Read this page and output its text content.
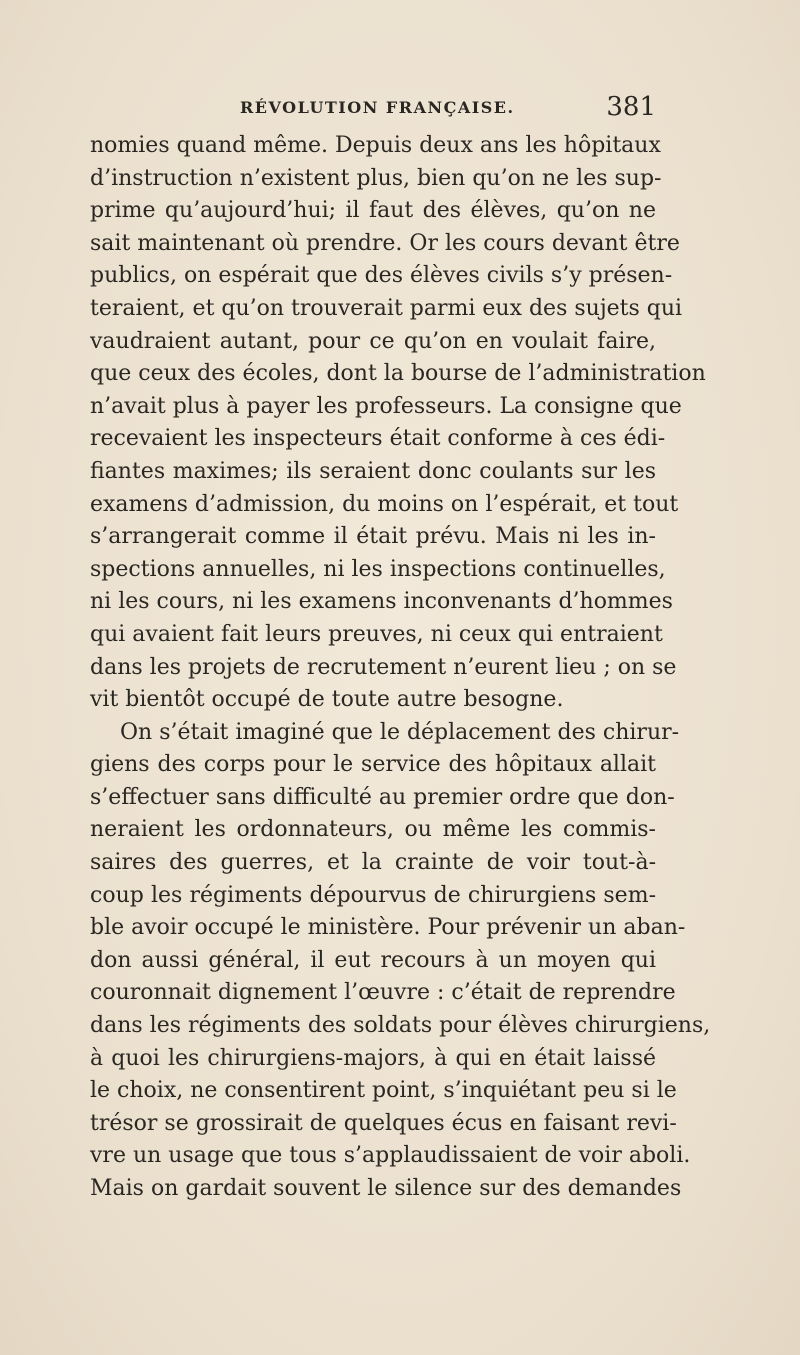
RÉVOLUTION FRANÇAISE.	381

nomies quand même. Depuis deux ans les hôpitaux
d’instruction n’existent plus, bien qu’on ne les sup-
prime qu’aujourd’hui; il faut des élèves, qu’on ne
sait maintenant où prendre. Or les cours devant être
publics, on espérait que des élèves civils s’y présen-
teraient, et qu’on trouverait parmi eux des sujets qui
vaudraient autant, pour ce qu’on en voulait faire,
que ceux des écoles, dont la bourse de l’administration
n’avait plus à payer les professeurs. La consigne que
recevaient les inspecteurs était conforme à ces édi-
fiantes maximes; ils seraient donc coulants sur les
examens d’admission, du moins on l’espérait, et tout
s’arrangerait comme il était prévu. Mais ni les in-
spections annuelles, ni les inspections continuelles,
ni les cours, ni les examens inconvenants d’hommes
qui avaient fait leurs preuves, ni ceux qui entraient
dans les projets de recrutement n’eurent lieu ; on se
vit bientôt occupé de toute autre besogne.

On s’était imaginé que le déplacement des chirur-
giens des corps pour le service des hôpitaux allait
s’effectuer sans difficulté au premier ordre que don-
neraient les ordonnateurs, ou même les commis-
saires des guerres, et la crainte de voir tout-à-
coup les régiments dépourvus de chirurgiens sem-
ble avoir occupé le ministère. Pour prévenir un aban-
don aussi général, il eut recours à un moyen qui
couronnait dignement l’œuvre : c’était de reprendre
dans les régiments des soldats pour élèves chirurgiens,
à quoi les chirurgiens-majors, à qui en était laissé
le choix, ne consentirent point, s’inquiétant peu si le
trésor se grossirait de quelques écus en faisant revi-
vre un usage que tous s’applaudissaient de voir aboli.
Mais on gardait souvent le silence sur des demandes
